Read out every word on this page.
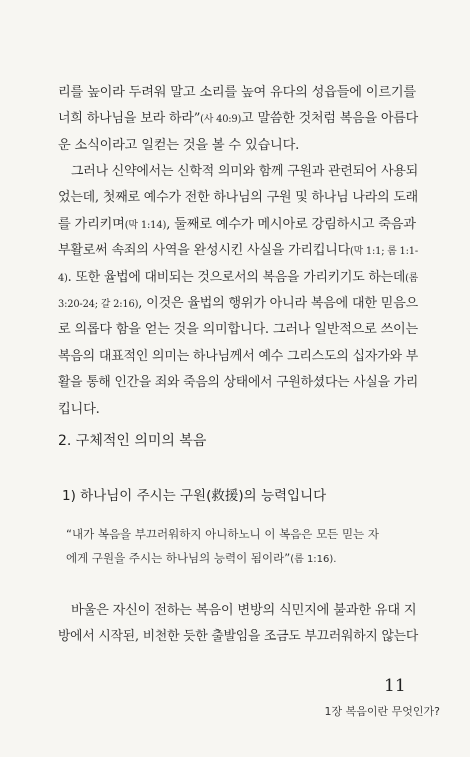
리를 높이라 두려워 말고 소리를 높여 유다의 성읍들에 이르기를
너희 하나님을 보라 하라”(사 40:9)고 말씀한 것처럼 복음을 아름다
운 소식이라고 일컫는 것을 볼 수 있습니다.
그러나 신약에서는 신학적 의미와 함께 구원과 관련되어 사용되
었는데, 첫째로 예수가 전한 하나님의 구원 및 하나님 나라의 도래
를 가리키며(막 1:14), 둘째로 예수가 메시아로 강림하시고 죽음과
부활로써 속죄의 사역을 완성시킨 사실을 가리킵니다(막 1:1; 롬 1:1-
4). 또한 율법에 대비되는 것으로서의 복음을 가리키기도 하는데(롬
3:20-24; 갈 2:16), 이것은 율법의 행위가 아니라 복음에 대한 믿음으
로 의롭다 함을 얻는 것을 의미합니다. 그러나 일반적으로 쓰이는
복음의 대표적인 의미는 하나님께서 예수 그리스도의 십자가와 부
활을 통해 인간을 죄와 죽음의 상태에서 구원하셨다는 사실을 가리
킵니다.
2. 구체적인 의미의 복음
1) 하나님이 주시는 구원(救援)의 능력입니다
“내가 복음을 부끄러워하지 아니하노니 이 복음은 모든 믿는 자
에게 구원을 주시는 하나님의 능력이 됨이라”(롬 1:16).
바울은 자신이 전하는 복음이 변방의 식민지에 불과한 유대 지
방에서 시작된, 비천한 듯한 출발임을 조금도 부끄러워하지 않는다
11
1장 복음이란 무엇인가?
